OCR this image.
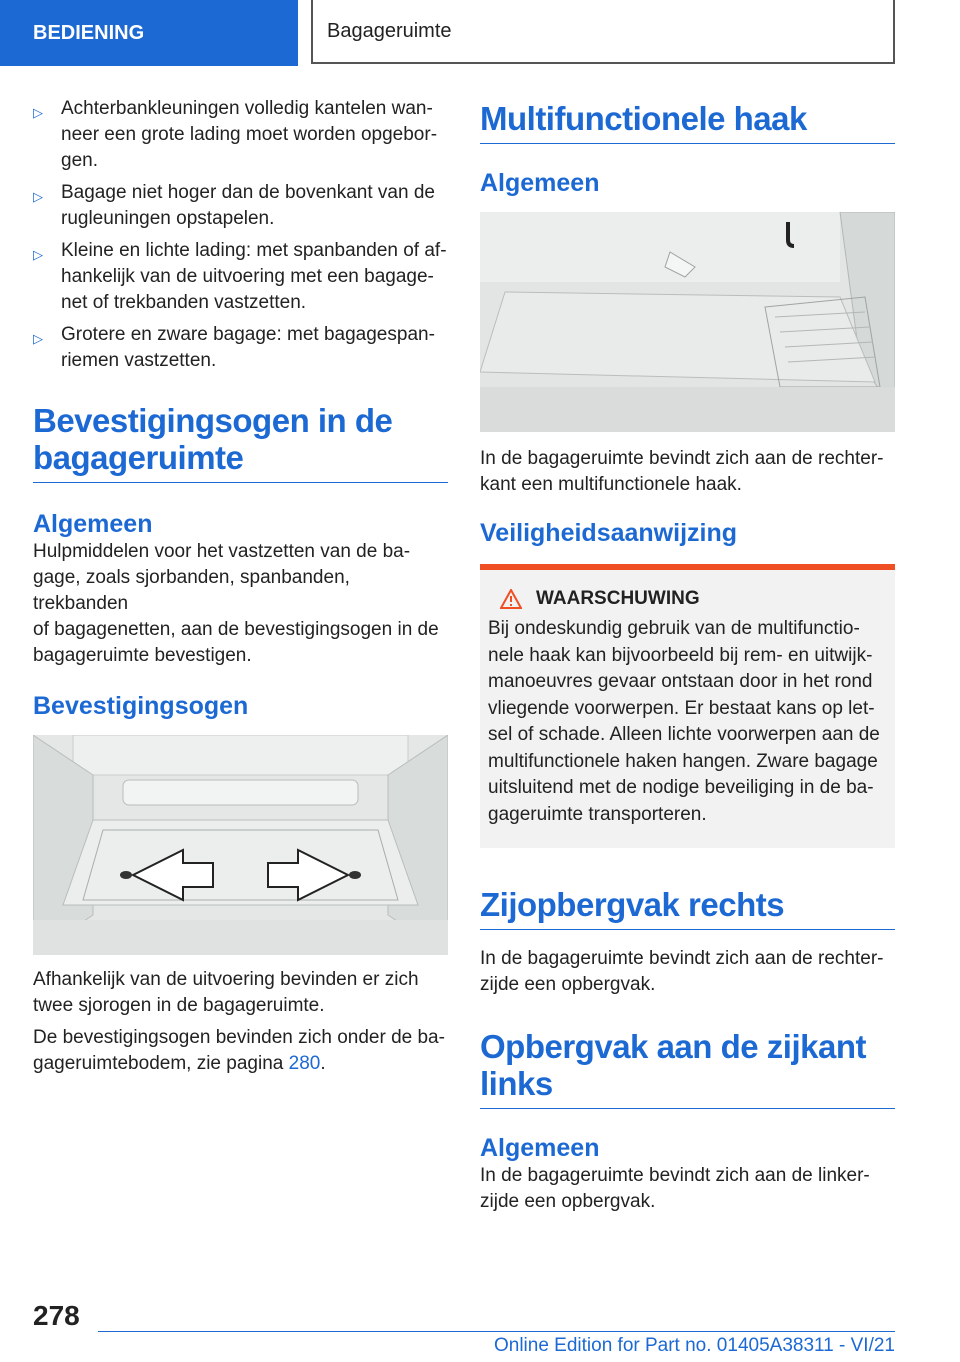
BEDIENING	Bagageruimte
▷ Achterbankleuningen volledig kantelen wan-
neer een grote lading moet worden opgebor-
gen.
▷ Bagage niet hoger dan de bovenkant van de
rugleuningen opstapelen.
▷ Kleine en lichte lading: met spanbanden of af-
hankelijk van de uitvoering met een bagage-
net of trekbanden vastzetten.
▷ Grotere en zware bagage: met bagagespan-
riemen vastzetten.
Bevestigingsogen in de bagageruimte
Algemeen

Hulpmiddelen voor het vastzetten van de ba-
gage, zoals sjorbanden, spanbanden, trekbanden
of bagagenetten, aan de bevestigingsogen in de
bagageruimte bevestigen.

Bevestigingsogen

Afhankelijk van de uitvoering bevinden er zich
twee sjorogen in de bagageruimte.

De bevestigingsogen bevinden zich onder de ba-
gageruimtebodem, zie pagina 280.

Multifunctionele haak
Algemeen

In de bagageruimte bevindt zich aan de rechter-
kant een multifunctionele haak.

Veiligheidsaanwijzing
WAARSCHUWING

Bij ondeskundig gebruik van de multifunctio-
nele haak kan bijvoorbeeld bij rem- en uitwijk-
manoeuvres gevaar ontstaan door in het rond
vliegende voorwerpen. Er bestaat kans op let-
sel of schade. Alleen lichte voorwerpen aan de
multifunctionele haken hangen. Zware bagage
uitsluitend met de nodige beveiliging in de ba-
gageruimte transporteren.

Zijopbergvak rechts

In de bagageruimte bevindt zich aan de rechter-
zijde een opbergvak.

Opbergvak aan de zijkant links
Algemeen

In de bagageruimte bevindt zich aan de linker-
zijde een opbergvak.

278
Online Edition for Part no. 01405A38311 - VI/21
